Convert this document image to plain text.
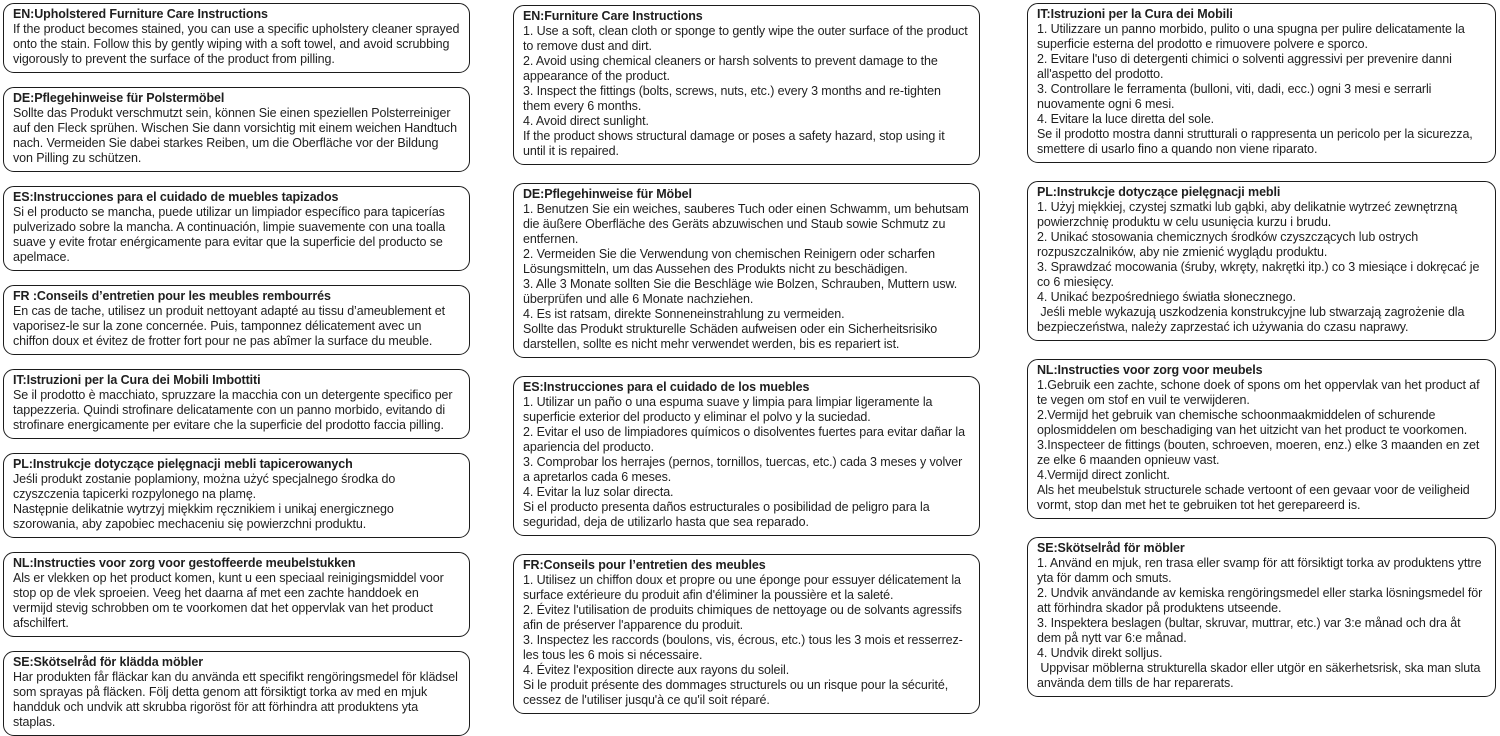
EN:Upholstered Furniture Care Instructions
If the product becomes stained, you can use a specific upholstery cleaner sprayed onto the stain. Follow this by gently wiping with a soft towel, and avoid scrubbing vigorously to prevent the surface of the product from pilling.
DE:Pflegehinweise für Polstermöbel
Sollte das Produkt verschmutzt sein, können Sie einen speziellen Polsterreiniger auf den Fleck sprühen. Wischen Sie dann vorsichtig mit einem weichen Handtuch nach. Vermeiden Sie dabei starkes Reiben, um die Oberfläche vor der Bildung von Pilling zu schützen.
ES:Instrucciones para el cuidado de muebles tapizados
Si el producto se mancha, puede utilizar un limpiador específico para tapicerías pulverizado sobre la mancha. A continuación, limpie suavemente con una toalla suave y evite frotar enérgicamente para evitar que la superficie del producto se apelmace.
FR :Conseils d’entretien pour les meubles rembourrés
En cas de tache, utilisez un produit nettoyant adapté au tissu d’ameublement et vaporisez-le sur la zone concernée. Puis, tamponnez délicatement avec un chiffon doux et évitez de frotter fort pour ne pas abîmer la surface du meuble.
IT:Istruzioni per la Cura dei Mobili Imbottiti
Se il prodotto è macchiato, spruzzare la macchia con un detergente specifico per tappezzeria. Quindi strofinare delicatamente con un panno morbido, evitando di strofinare energicamente per evitare che la superficie del prodotto faccia pilling.
PL:Instrukcje dotyczące pielęgnacji mebli tapicerowanych
Jeśli produkt zostanie poplamiony, można użyć specjalnego środka do czyszczenia tapicerki rozpylonego na plamę.
Następnie delikatnie wytrzyj miękkim ręcznikiem i unikaj energicznego szorowania, aby zapobiec mechaceniu się powierzchni produktu.
NL:Instructies voor zorg voor gestoffeerde meubelstukken
Als er vlekken op het product komen, kunt u een speciaal reinigingsmiddel voor stop op de vlek sproeien. Veeg het daarna af met een zachte handdoek en vermijd stevig schrobben om te voorkomen dat het oppervlak van het product afschilfert.
SE:Skötselråd för klädda möbler
Har produkten får fläckar kan du använda ett specifikt rengöringsmedel för klädsel som sprayas på fläcken. Följ detta genom att försiktigt torka av med en mjuk handduk och undvik att skrubba rigoröst för att förhindra att produktens yta staplas.
EN:Furniture Care Instructions
1. Use a soft, clean cloth or sponge to gently wipe the outer surface of the product to remove dust and dirt.
2. Avoid using chemical cleaners or harsh solvents to prevent damage to the appearance of the product.
3. Inspect the fittings (bolts, screws, nuts, etc.) every 3 months and re-tighten them every 6 months.
4. Avoid direct sunlight.
If the product shows structural damage or poses a safety hazard, stop using it until it is repaired.
DE:Pflegehinweise für Möbel
1. Benutzen Sie ein weiches, sauberes Tuch oder einen Schwamm, um behutsam die äußere Oberfläche des Geräts abzuwischen und Staub sowie Schmutz zu entfernen.
2. Vermeiden Sie die Verwendung von chemischen Reinigern oder scharfen Lösungsmitteln, um das Aussehen des Produkts nicht zu beschädigen.
3. Alle 3 Monate sollten Sie die Beschläge wie Bolzen, Schrauben, Muttern usw. überprüfen und alle 6 Monate nachziehen.
4. Es ist ratsam, direkte Sonneneinstrahlung zu vermeiden.
Sollte das Produkt strukturelle Schäden aufweisen oder ein Sicherheitsrisiko darstellen, sollte es nicht mehr verwendet werden, bis es repariert ist.
ES:Instrucciones para el cuidado de los muebles
1. Utilizar un paño o una espuma suave y limpia para limpiar ligeramente la superficie exterior del producto y eliminar el polvo y la suciedad.
2. Evitar el uso de limpiadores químicos o disolventes fuertes para evitar dañar la apariencia del producto.
3. Comprobar los herrajes (pernos, tornillos, tuercas, etc.) cada 3 meses y volver a apretarlos cada 6 meses.
4. Evitar la luz solar directa.
Si el producto presenta daños estructurales o posibilidad de peligro para la seguridad, deja de utilizarlo hasta que sea reparado.
FR:Conseils pour l’entretien des meubles
1. Utilisez un chiffon doux et propre ou une éponge pour essuyer délicatement la surface extérieure du produit afin d'éliminer la poussière et la saleté.
2. Évitez l'utilisation de produits chimiques de nettoyage ou de solvants agressifs afin de préserver l'apparence du produit.
3. Inspectez les raccords (boulons, vis, écrous, etc.) tous les 3 mois et resserrez-les tous les 6 mois si nécessaire.
4. Évitez l'exposition directe aux rayons du soleil.
Si le produit présente des dommages structurels ou un risque pour la sécurité, cessez de l'utiliser jusqu'à ce qu'il soit réparé.
IT:Istruzioni per la Cura dei Mobili
1. Utilizzare un panno morbido, pulito o una spugna per pulire delicatamente la superficie esterna del prodotto e rimuovere polvere e sporco.
2. Evitare l'uso di detergenti chimici o solventi aggressivi per prevenire danni all'aspetto del prodotto.
3. Controllare le ferramenta (bulloni, viti, dadi, ecc.) ogni 3 mesi e serrarli nuovamente ogni 6 mesi.
4. Evitare la luce diretta del sole.
Se il prodotto mostra danni strutturali o rappresenta un pericolo per la sicurezza, smettere di usarlo fino a quando non viene riparato.
PL:Instrukcje dotyczące pielęgnacji mebli
1. Użyj miękkiej, czystej szmatki lub gąbki, aby delikatnie wytrzeć zewnętrzną powierzchnię produktu w celu usunięcia kurzu i brudu.
2. Unikać stosowania chemicznych środków czyszczących lub ostrych rozpuszczalników, aby nie zmienić wyglądu produktu.
3. Sprawdzać mocowania (śruby, wkręty, nakrętki itp.) co 3 miesiące i dokręcać je co 6 miesięcy.
4. Unikać bezpośredniego światła słonecznego.
Jeśli meble wykazują uszkodzenia konstrukcyjne lub stwarzają zagrożenie dla bezpieczeństwa, należy zaprzestać ich używania do czasu naprawy.
NL:Instructies voor zorg voor meubels
1.Gebruik een zachte, schone doek of spons om het oppervlak van het product af te vegen om stof en vuil te verwijderen.
2.Vermijd het gebruik van chemische schoonmaakmiddelen of schurende oplosmiddelen om beschadiging van het uitzicht van het product te voorkomen.
3.Inspecteer de fittings (bouten, schroeven, moeren, enz.) elke 3 maanden en zet ze elke 6 maanden opnieuw vast.
4.Vermijd direct zonlicht.
Als het meubelstuk structurele schade vertoont of een gevaar voor de veiligheid vormt, stop dan met het te gebruiken tot het gerepareerd is.
SE:Skötselråd för möbler
1. Använd en mjuk, ren trasa eller svamp för att försiktigt torka av produktens yttre yta för damm och smuts.
2. Undvik användande av kemiska rengöringsmedel eller starka lösningsmedel för att förhindra skador på produktens utseende.
3. Inspektera beslagen (bultar, skruvar, muttrar, etc.) var 3:e månad och dra åt dem på nytt var 6:e månad.
4. Undvik direkt solljus.
Uppvisar möblerna strukturella skador eller utgör en säkerhetsrisk, ska man sluta använda dem tills de har reparerats.
